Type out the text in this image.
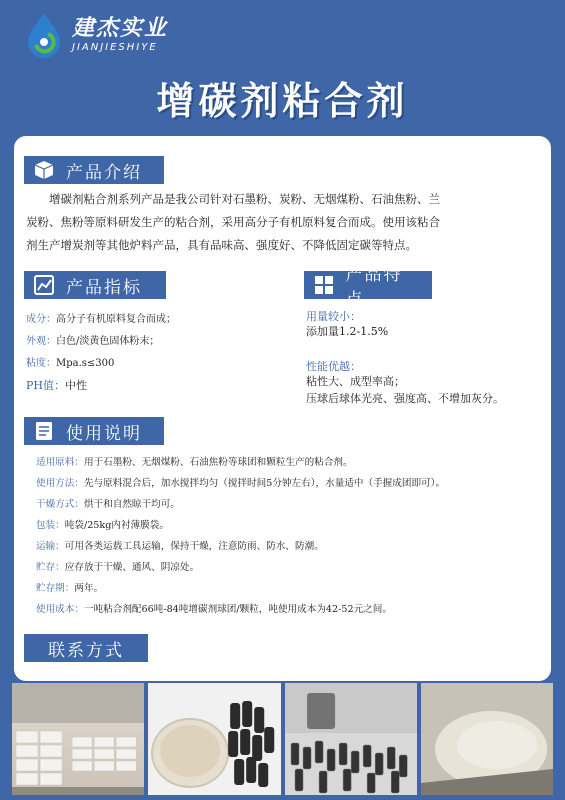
建杰实业
JIANJIESHIYE
增碳剂粘合剂
产品介绍
增碳剂粘合剂系列产品是我公司针对石墨粉、炭粉、无烟煤粉、石油焦粉、兰
炭粉、焦粉等原料研发生产的粘合剂，采用高分子有机原料复合而成。使用该粘合
剂生产增炭剂等其他炉料产品，具有品味高、强度好、不降低固定碳等特点。
产品指标
成分：高分子有机原料复合而成；
外观：白色/淡黄色固体粉末；
粘度：Mpa.s≤300
PH值：中性
产品特点
用量较小：
添加量1.2-1.5%
性能优越：
粘性大、成型率高；
压球后球体光亮、强度高、不增加灰分。
使用说明
适用原料：用于石墨粉、无烟煤粉、石油焦粉等球团和颗粒生产的粘合剂。
使用方法：先与原料混合后，加水搅拌均匀（搅拌时间5分钟左右），水量适中（手握成团即可）。
干燥方式：烘干和自然晾干均可。
包装：吨袋/25kg内衬薄膜袋。
运输：可用各类运载工具运输，保持干燥，注意防雨、防水、防潮。
贮存：应存放于干燥、通风、阴凉处。
贮存期：两年。
使用成本：一吨粘合剂配66吨-84吨增碳剂球团/颗粒，吨使用成本为42-52元之间。
联系方式
